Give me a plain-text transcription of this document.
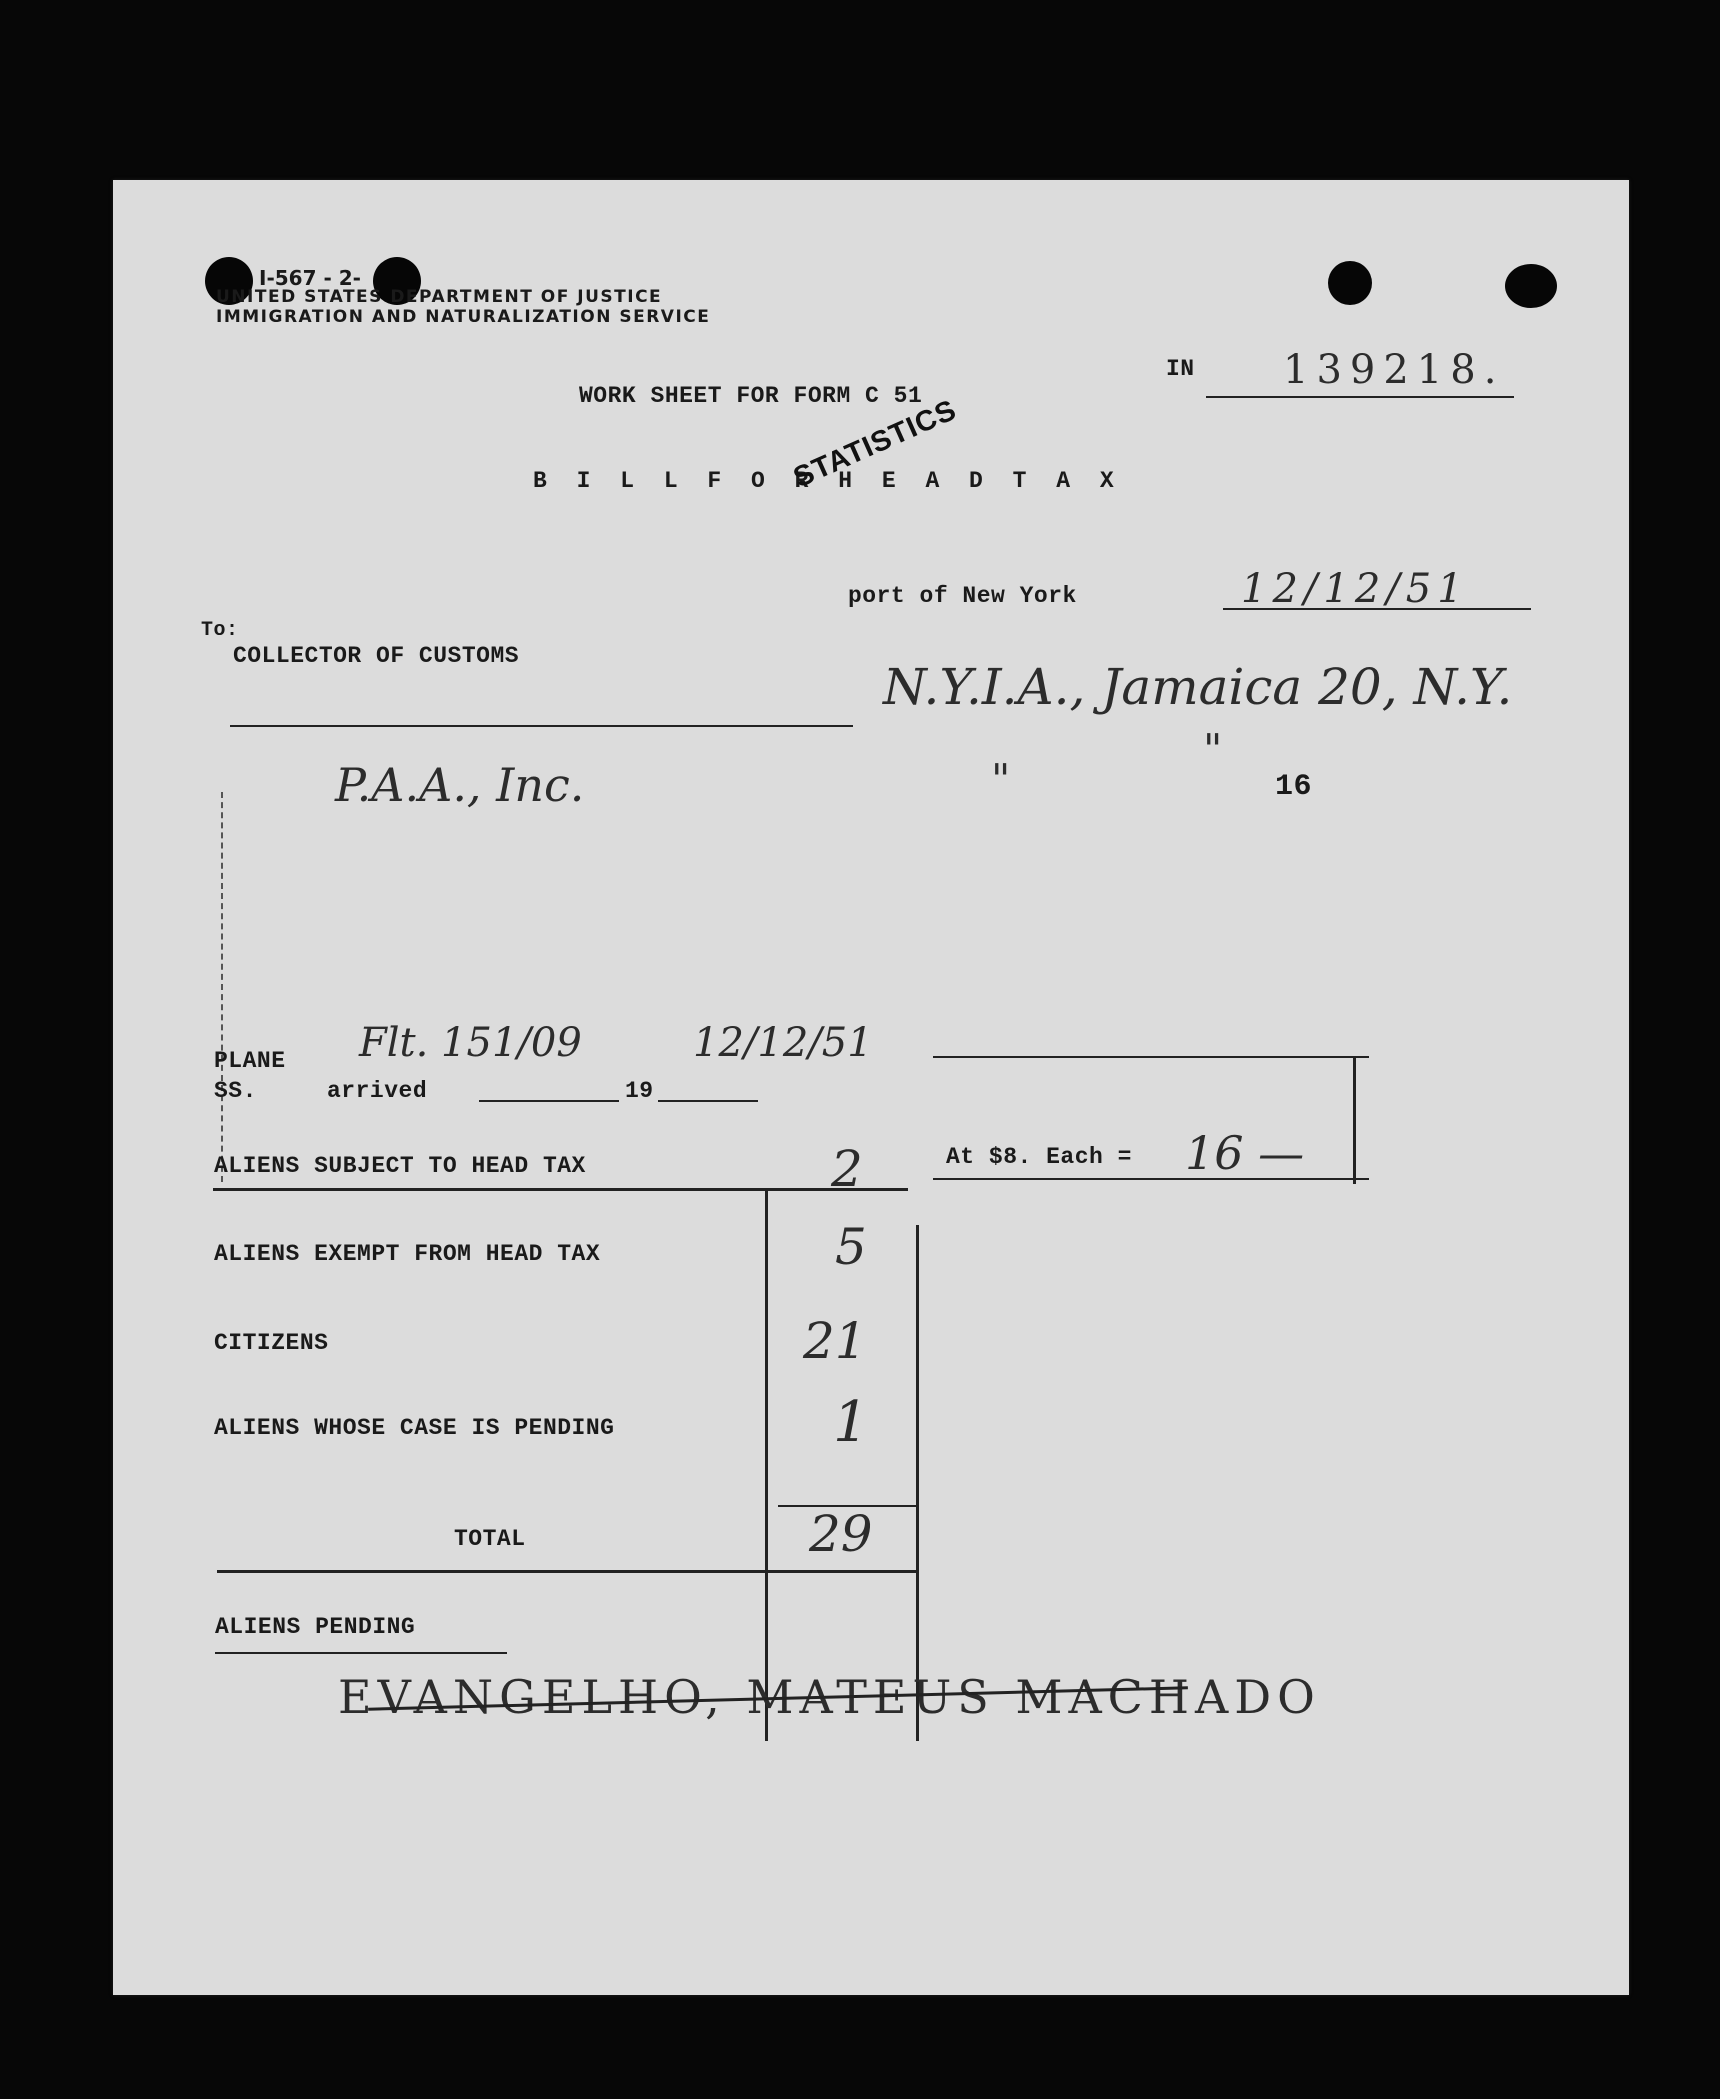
I-567 - 2-
UNITED STATES DEPARTMENT OF JUSTICE
IMMIGRATION AND NATURALIZATION SERVICE
IN 139218.
WORK SHEET FOR FORM C 51
B I L L F O R H E A D T A X
STATISTICS
port of New York	12/12/51
To:
COLLECTOR OF CUSTOMS
N.Y.I.A., Jamaica 20, N.Y.
P.A.A., Inc.	"
"
16
PLANE
SS.	arrived	19
Flt. 151/09	12/12/51
ALIENS SUBJECT TO HEAD TAX	2
ALIENS EXEMPT FROM HEAD TAX	5
CITIZENS	21
ALIENS WHOSE CASE IS PENDING	1
TOTAL	29
At $8. Each = 16 —
ALIENS PENDING
EVANGELHO, MATEUS MACHADO
